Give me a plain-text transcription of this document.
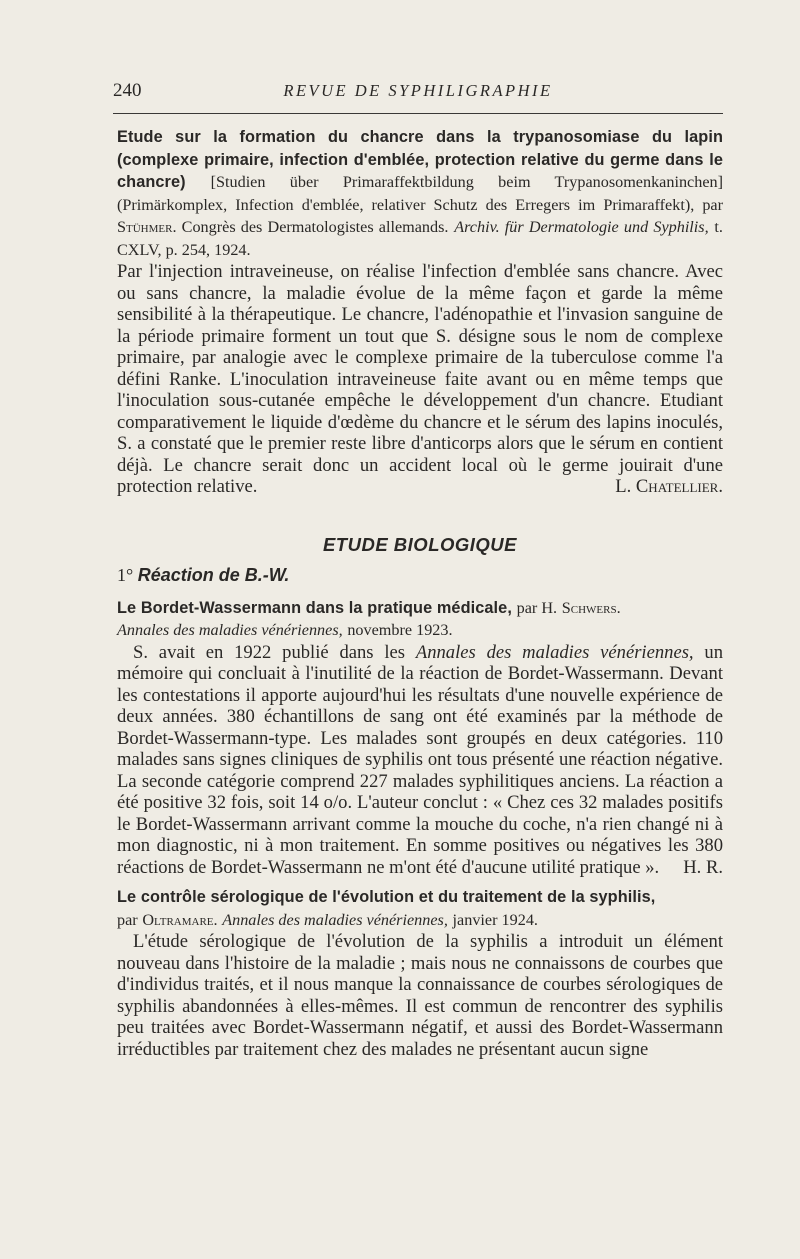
240	REVUE DE SYPHILIGRAPHIE

Etude sur la formation du chancre dans la trypanosomiase du lapin (complexe primaire, infection d'emblée, protection relative du germe dans le chancre) [Studien über Primaraffektbildung beim Trypanosomenkaninchen] (Primärkomplex, Infection d'emblée, relativer Schutz des Erregers im Primaraffekt), par Stühmer. Congrès des Dermatologistes allemands. Archiv. für Dermatologie und Syphilis, t. CXLV, p. 254, 1924.

Par l'injection intraveineuse, on réalise l'infection d'emblée sans chancre. Avec ou sans chancre, la maladie évolue de la même façon et garde la même sensibilité à la thérapeutique. Le chancre, l'adénopathie et l'invasion sanguine de la période primaire forment un tout que S. désigne sous le nom de complexe primaire, par analogie avec le complexe primaire de la tuberculose comme l'a défini Ranke. L'inoculation intraveineuse faite avant ou en même temps que l'inoculation sous-cutanée empêche le développement d'un chancre. Etudiant comparativement le liquide d'œdème du chancre et le sérum des lapins inoculés, S. a constaté que le premier reste libre d'anticorps alors que le sérum en contient déjà. Le chancre serait donc un accident local où le germe jouirait d'une protection relative.	L. Chatellier.

ETUDE BIOLOGIQUE
1° Réaction de B.-W.

Le Bordet-Wassermann dans la pratique médicale, par H. Schwers.
Annales des maladies vénériennes, novembre 1923.

S. avait en 1922 publié dans les Annales des maladies vénériennes, un mémoire qui concluait à l'inutilité de la réaction de Bordet-Wassermann. Devant les contestations il apporte aujourd'hui les résultats d'une nouvelle expérience de deux années. 380 échantillons de sang ont été examinés par la méthode de Bordet-Wassermann-type. Les malades sont groupés en deux catégories. 110 malades sans signes cliniques de syphilis ont tous présenté une réaction négative. La seconde catégorie comprend 227 malades syphilitiques anciens. La réaction a été positive 32 fois, soit 14 o/o. L'auteur conclut : « Chez ces 32 malades positifs le Bordet-Wassermann arrivant comme la mouche du coche, n'a rien changé ni à mon diagnostic, ni à mon traitement. En somme positives ou négatives les 380 réactions de Bordet-Wassermann ne m'ont été d'aucune utilité pratique ».	H. R.

Le contrôle sérologique de l'évolution et du traitement de la syphilis,
par Oltramare. Annales des maladies vénériennes, janvier 1924.

L'étude sérologique de l'évolution de la syphilis a introduit un élément nouveau dans l'histoire de la maladie ; mais nous ne connaissons de courbes que d'individus traités, et il nous manque la connaissance de courbes sérologiques de syphilis abandonnées à elles-mêmes. Il est commun de rencontrer des syphilis peu traitées avec Bordet-Wassermann négatif, et aussi des Bordet-Wassermann irréductibles par traitement chez des malades ne présentant aucun signe
